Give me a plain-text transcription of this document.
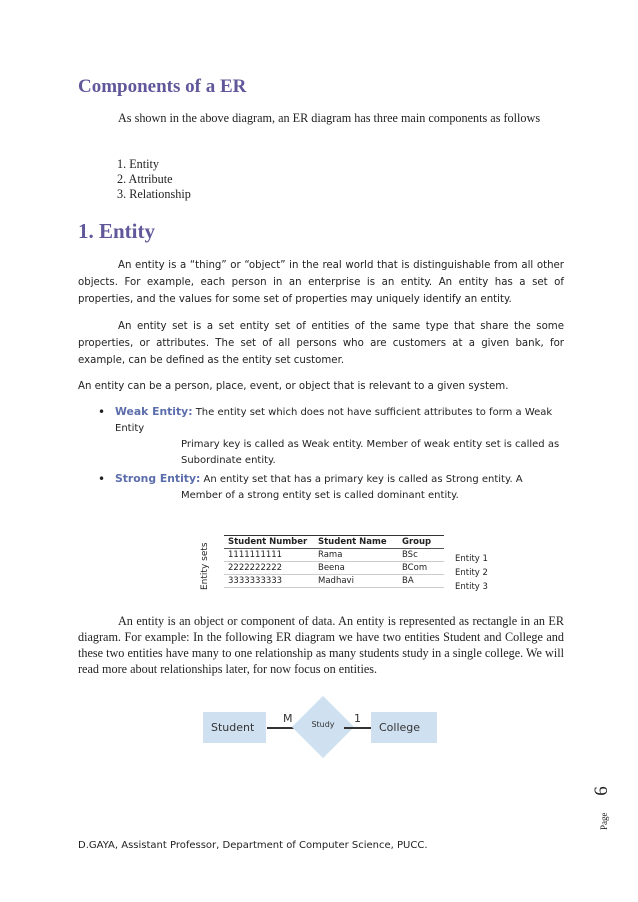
Components of a ER

As shown in the above diagram, an ER diagram has three main components as follows

1. Entity
2. Attribute
3. Relationship
1. Entity

An entity is a “thing” or “object” in the real world that is distinguishable from all other objects. For example, each person in an enterprise is an entity. An entity has a set of properties, and the values for some set of properties may uniquely identify an entity.

An entity set is a set entity set of entities of the same type that share the some properties, or attributes. The set of all persons who are customers at a given bank, for example, can be defined as the entity set customer.

An entity can be a person, place, event, or object that is relevant to a given system.

• Weak Entity: The entity set which does not have sufficient attributes to form a Weak Entity
Primary key is called as Weak entity. Member of weak entity set is called as
Subordinate entity.
• Strong Entity: An entity set that has a primary key is called as Strong entity. A
Member of a strong entity set is called dominant entity.
Entity sets
Student Number	Student Name	Group
1111111111	Rama	BSc
2222222222	Beena	BCom
3333333333	Madhavi	BA
Entity 1
Entity 2
Entity 3

An entity is an object or component of data. An entity is represented as rectangle in an ER diagram. For example: In the following ER diagram we have two entities Student and College and these two entities have many to one relationship as many students study in a single college. We will read more about relationships later, for now focus on entities.

Student
M	Study	1
College
6
Page

D.GAYA, Assistant Professor, Department of Computer Science, PUCC.
